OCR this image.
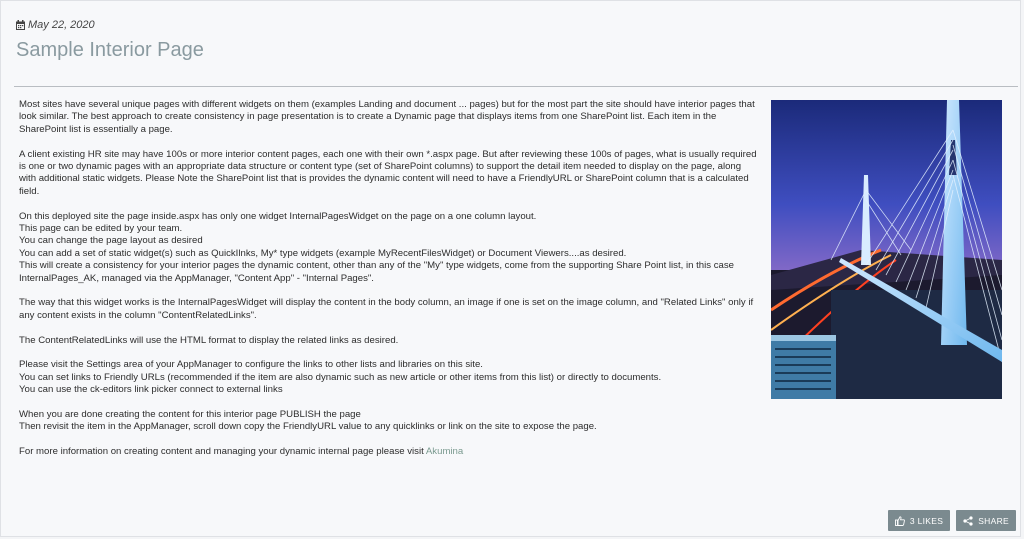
May 22, 2020
Sample Interior Page

Most sites have several unique pages with different widgets on them (examples Landing and document ... pages) but for the most part the site should have interior pages that look similar. The best approach to create consistency in page presentation is to create a Dynamic page that displays items from one SharePoint list. Each item in the SharePoint list is essentially a page.

A client existing HR site may have 100s or more interior content pages, each one with their own *.aspx page. But after reviewing these 100s of pages, what is usually required is one or two dynamic pages with an appropriate data structure or content type (set of SharePoint columns) to support the detail item needed to display on the page, along with additional static widgets. Please Note the SharePoint list that is provides the dynamic content will need to have a FriendlyURL or SharePoint column that is a calculated field.

On this deployed site the page inside.aspx has only one widget InternalPagesWidget on the page on a one column layout.
This page can be edited by your team.
You can change the page layout as desired
You can add a set of static widget(s) such as QuickIlnks, My* type widgets (example MyRecentFilesWidget) or Document Viewers....as desired.
This will create a consistency for your interior pages the dynamic content, other than any of the "My" type widgets, come from the supporting Share Point list, in this case InternalPages_AK, managed via the AppManager, "Content App" - "Internal Pages".

The way that this widget works is the InternalPagesWidget will display the content in the body column, an image if one is set on the image column, and "Related Links" only if any content exists in the column "ContentRelatedLinks".

The ContentRelatedLinks will use the HTML format to display the related links as desired.

Please visit the Settings area of your AppManager to configure the links to other lists and libraries on this site.
You can set links to Friendly URLs (recommended if the item are also dynamic such as new article or other items from this list) or directly to documents.
You can use the ck-editors link picker connect to external links

When you are done creating the content for this interior page PUBLISH the page
Then revisit the item in the AppManager, scroll down copy the FriendlyURL value to any quicklinks or link on the site to expose the page.

For more information on creating content and managing your dynamic internal page please visit Akumina

3 LIKES	SHARE
